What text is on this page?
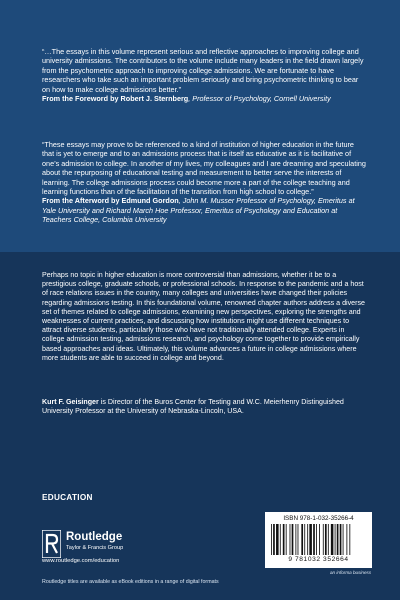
“…The essays in this volume represent serious and reflective approaches to improving college and university admissions. The contributors to the volume include many leaders in the field drawn largely from the psychometric approach to improving college admissions. We are fortunate to have researchers who take such an important problem seriously and bring psychometric thinking to bear on how to make college admissions better.”
From the Foreword by Robert J. Sternberg, Professor of Psychology, Cornell University

“These essays may prove to be referenced to a kind of institution of higher education in the future that is yet to emerge and to an admissions process that is itself as educative as it is facilitative of one’s admission to college. In another of my lives, my colleagues and I are dreaming and speculating about the repurposing of educational testing and measurement to better serve the interests of learning. The college admissions process could become more a part of the college teaching and learning functions than of the facilitation of the transition from high school to college.”
From the Afterword by Edmund Gordon, John M. Musser Professor of Psychology, Emeritus at Yale University and Richard March Hoe Professor, Emeritus of Psychology and Education at Teachers College, Columbia University

Perhaps no topic in higher education is more controversial than admissions, whether it be to a prestigious college, graduate schools, or professional schools. In response to the pandemic and a host of race relations issues in the country, many colleges and universities have changed their policies regarding admissions testing. In this foundational volume, renowned chapter authors address a diverse set of themes related to college admissions, examining new perspectives, exploring the strengths and weaknesses of current practices, and discussing how institutions might use different techniques to attract diverse students, particularly those who have not traditionally attended college. Experts in college admission testing, admissions research, and psychology come together to provide empirically based approaches and ideas. Ultimately, this volume advances a future in college admissions where more students are able to succeed in college and beyond.

Kurt F. Geisinger is Director of the Buros Center for Testing and W.C. Meierhenry Distinguished University Professor at the University of Nebraska-Lincoln, USA.

EDUCATION
Routledge
Taylor & Francis Group
www.routledge.com/education
ISBN 978-1-032-35266-4
9 781032 352664
an informa business
Routledge titles are available as eBook editions in a range of digital formats
